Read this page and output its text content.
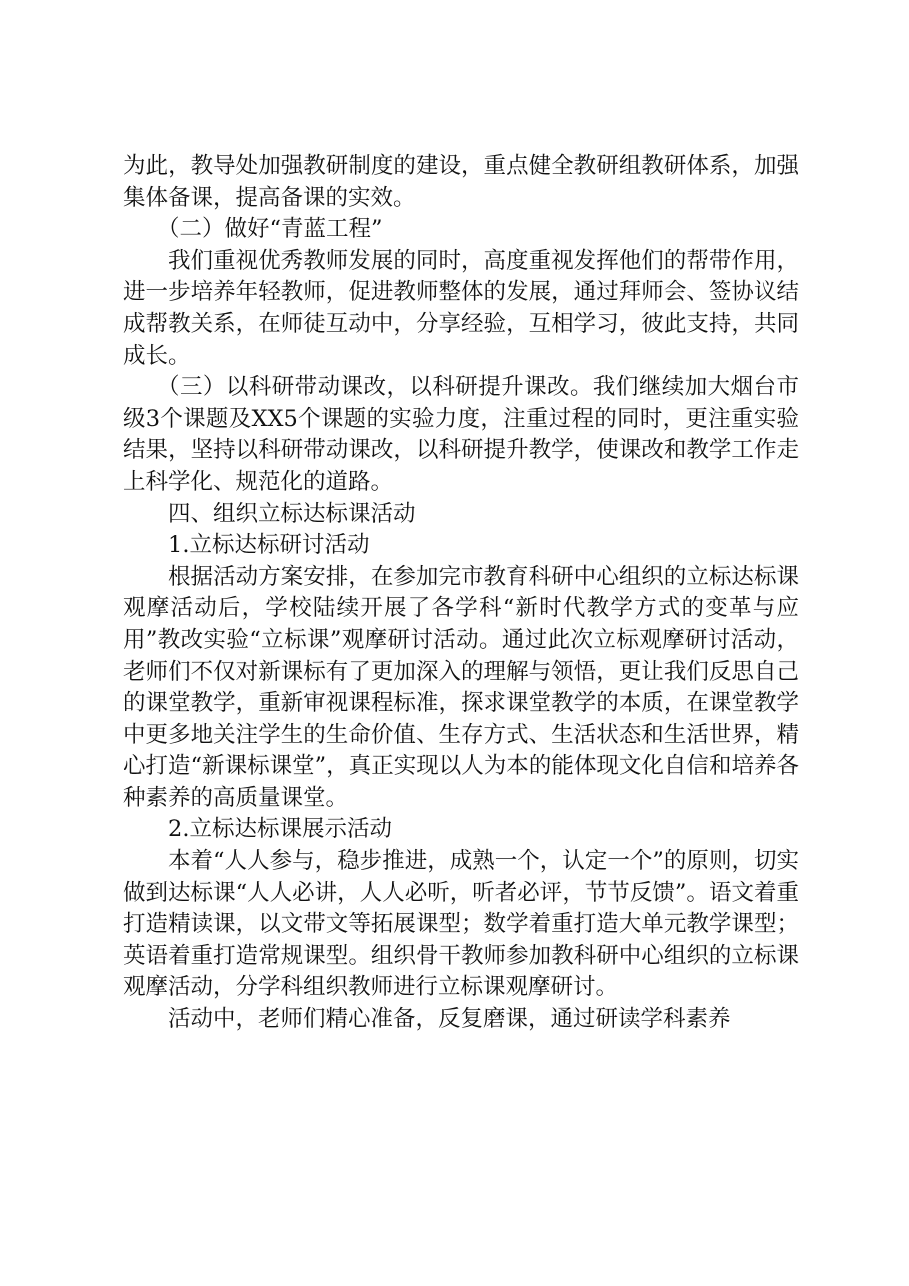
为此，教导处加强教研制度的建设，重点健全教研组教研体系，加强集体备课，提高备课的实效。

（二）做好“青蓝工程”

我们重视优秀教师发展的同时，高度重视发挥他们的帮带作用，进一步培养年轻教师，促进教师整体的发展，通过拜师会、签协议结成帮教关系，在师徒互动中，分享经验，互相学习，彼此支持，共同成长。

（三）以科研带动课改，以科研提升课改。我们继续加大烟台市级3个课题及XX5个课题的实验力度，注重过程的同时，更注重实验结果，坚持以科研带动课改，以科研提升教学，使课改和教学工作走上科学化、规范化的道路。

四、组织立标达标课活动

1.立标达标研讨活动

根据活动方案安排，在参加完市教育科研中心组织的立标达标课观摩活动后，学校陆续开展了各学科“新时代教学方式的变革与应用”教改实验“立标课”观摩研讨活动。通过此次立标观摩研讨活动，老师们不仅对新课标有了更加深入的理解与领悟，更让我们反思自己的课堂教学，重新审视课程标准，探求课堂教学的本质，在课堂教学中更多地关注学生的生命价值、生存方式、生活状态和生活世界，精心打造“新课标课堂”，真正实现以人为本的能体现文化自信和培养各种素养的高质量课堂。

2.立标达标课展示活动

本着“人人参与，稳步推进，成熟一个，认定一个”的原则，切实做到达标课“人人必讲，人人必听，听者必评，节节反馈”。语文着重打造精读课，以文带文等拓展课型；数学着重打造大单元教学课型；英语着重打造常规课型。组织骨干教师参加教科研中心组织的立标课观摩活动，分学科组织教师进行立标课观摩研讨。

活动中，老师们精心准备，反复磨课，通过研读学科素养
